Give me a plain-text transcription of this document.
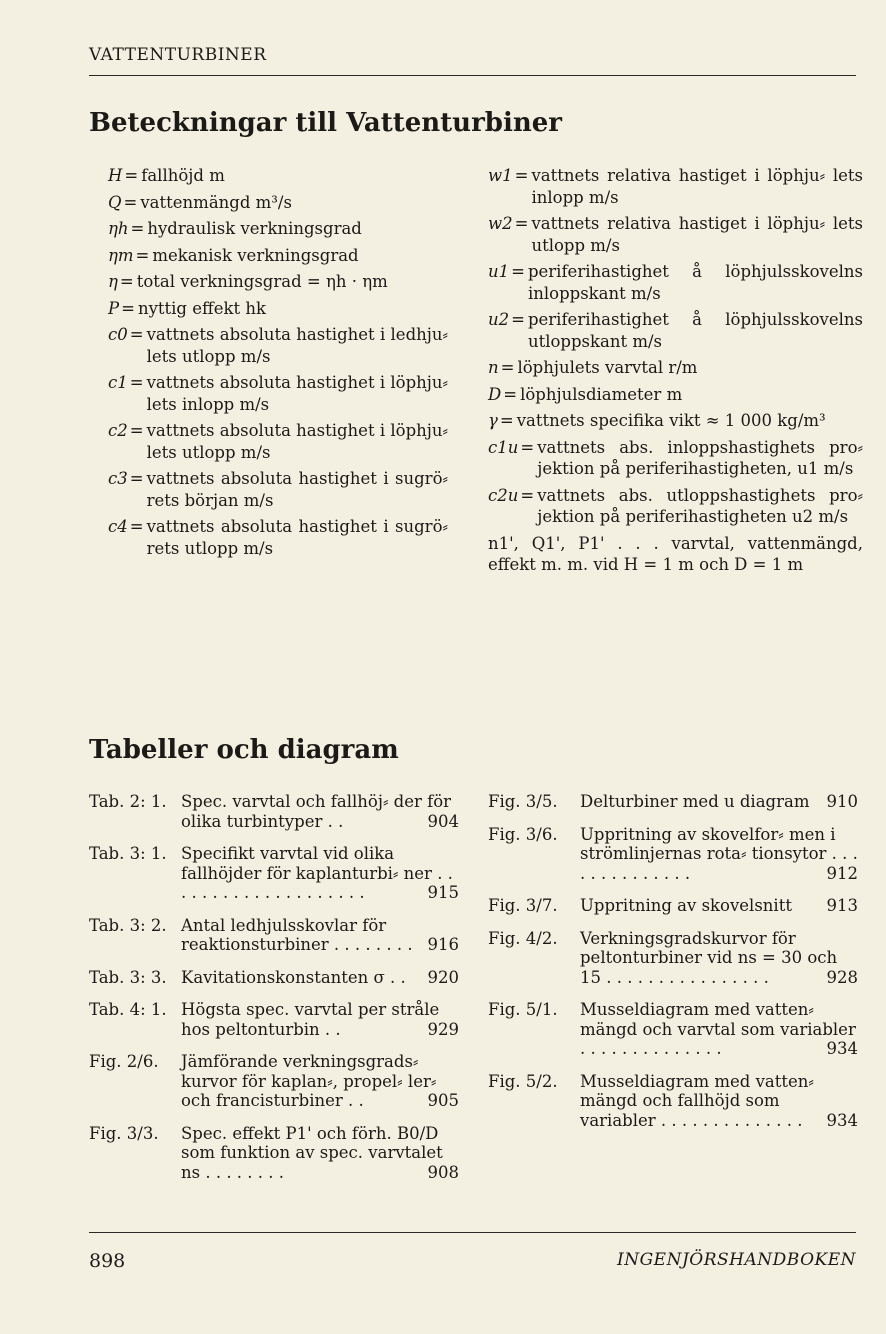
VATTENTURBINER
Beteckningar till Vattenturbiner
H = fallhöjd m
Q = vattenmängd m³/s
ηh = hydraulisk verkningsgrad
ηm = mekanisk verkningsgrad
η = total verkningsgrad = ηh · ηm
P = nyttig effekt hk
c0 = vattnets absoluta hastighet i ledhju⸗ lets utlopp m/s
c1 = vattnets absoluta hastighet i löphju⸗ lets inlopp m/s
c2 = vattnets absoluta hastighet i löphju⸗ lets utlopp m/s
c3 = vattnets absoluta hastighet i sugrö⸗ rets början m/s
c4 = vattnets absoluta hastighet i sugrö⸗ rets utlopp m/s
w1 = vattnets relativa hastiget i löphju⸗ lets inlopp m/s
w2 = vattnets relativa hastiget i löphju⸗ lets utlopp m/s
u1 = periferihastighet å löphjulsskovelns inloppskant m/s
u2 = periferihastighet å löphjulsskovelns utloppskant m/s
n = löphjulets varvtal r/m
D = löphjulsdiameter m
γ = vattnets specifika vikt ≈ 1 000 kg/m³
c1u = vattnets abs. inloppshastighets pro⸗ jektion på periferihastigheten, u1 m/s
c2u = vattnets abs. utloppshastighets pro⸗ jektion på periferihastigheten u2 m/s
n1', Q1', P1' . . . varvtal, vattenmängd, effekt m. m. vid H = 1 m och D = 1 m
Tabeller och diagram
Tab. 2: 1. Spec. varvtal och fallhöj⸗ der för olika turbintyper . .	904
Tab. 3: 1. Specifikt varvtal vid olika fallhöjder för kaplanturbi⸗ ner . . . . . . . . . . . . . . . . . . . .	915
Tab. 3: 2. Antal ledhjulsskovlar för reaktionsturbiner . . . . . . . . 916
Tab. 3: 3. Kavitationskonstanten σ . . 920
Tab. 4: 1. Högsta spec. varvtal per stråle hos peltonturbin . .	929
Fig. 2/6.	Jämförande verkningsgrads⸗ kurvor för kaplan⸗, propel⸗ ler⸗ och francisturbiner . .	905
Fig. 3/3.	Spec. effekt P1' och förh. B0/D som funktion av spec. varvtalet ns . . . . . . . .	908
Fig. 3/5.	Delturbiner med u diagram 910
Fig. 3/6.	Uppritning av skovelfor⸗ men i strömlinjernas rota⸗ tionsytor . . . . . . . . . . . . . .	912
Fig. 3/7.	Uppritning av skovelsnitt 913
Fig. 4/2.	Verkningsgradskurvor för peltonturbiner vid ns = 30 och 15 . . . . . . . . . . . . . . . .	928
Fig. 5/1.	Musseldiagram med vatten⸗ mängd och varvtal som variabler . . . . . . . . . . . . . .	934
Fig. 5/2.	Musseldiagram med vatten⸗ mängd och fallhöjd som variabler . . . . . . . . . . . . . . 934
898	INGENJÖRSHANDBOKEN
